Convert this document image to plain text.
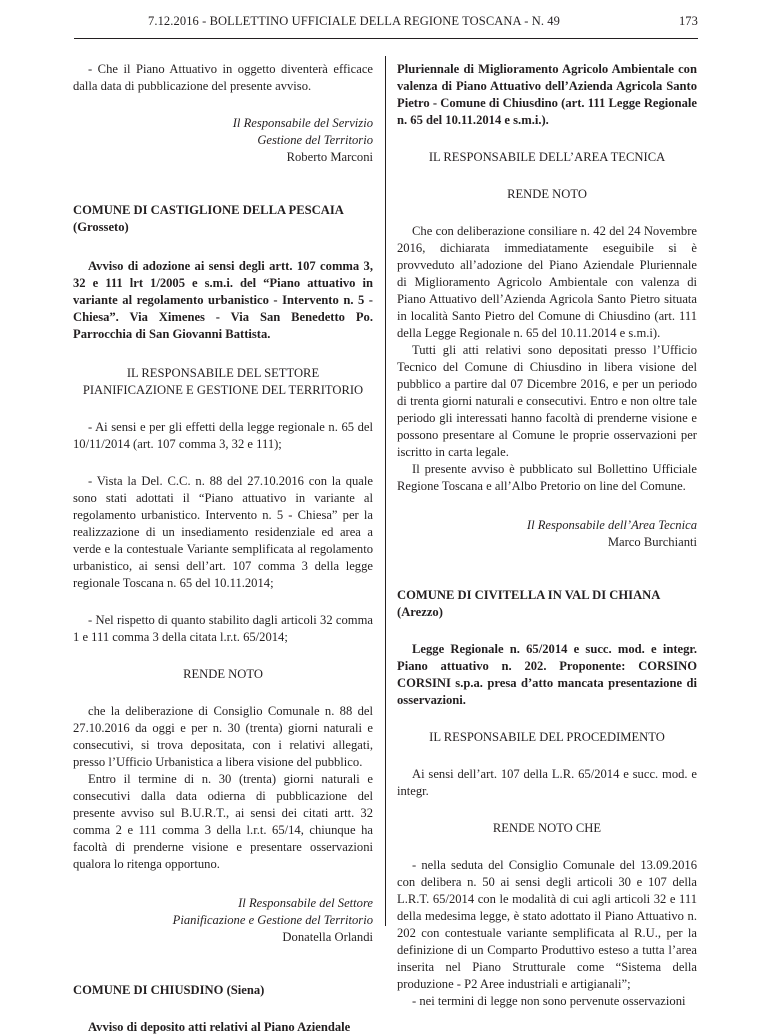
7.12.2016 - BOLLETTINO UFFICIALE DELLA REGIONE TOSCANA - N. 49	173

- Che il Piano Attuativo in oggetto diventerà efficace dalla data di pubblicazione del presente avviso.

Il Responsabile del Servizio

Gestione del Territorio

Roberto Marconi

COMUNE DI CASTIGLIONE DELLA PESCAIA

(Grosseto)

Avviso di adozione ai sensi degli artt. 107 comma 3, 32 e 111 lrt 1/2005 e s.m.i. del “Piano attuativo in variante al regolamento urbanistico - Intervento n. 5 - Chiesa”. Via Ximenes - Via San Benedetto Po. Parrocchia di San Giovanni Battista.

IL RESPONSABILE DEL SETTORE

PIANIFICAZIONE E GESTIONE DEL TERRITORIO

- Ai sensi e per gli effetti della legge regionale n. 65 del 10/11/2014 (art. 107 comma 3, 32 e 111);

- Vista la Del. C.C. n. 88 del 27.10.2016 con la quale sono stati adottati il “Piano attuativo in variante al regolamento urbanistico. Intervento n. 5 - Chiesa” per la realizzazione di un insediamento residenziale ed area a verde e la contestuale Variante semplificata al regolamento urbanistico, ai sensi dell’art. 107 comma 3 della legge regionale Toscana n. 65 del 10.11.2014;

- Nel rispetto di quanto stabilito dagli articoli 32 comma 1 e 111 comma 3 della citata l.r.t. 65/2014;

RENDE NOTO

che la deliberazione di Consiglio Comunale n. 88 del 27.10.2016 da oggi e per n. 30 (trenta) giorni naturali e consecutivi, si trova depositata, con i relativi allegati, presso l’Ufficio Urbanistica a libera visione del pubblico.

Entro il termine di n. 30 (trenta) giorni naturali e consecutivi dalla data odierna di pubblicazione del presente avviso sul B.U.R.T., ai sensi dei citati artt. 32 comma 2 e 111 comma 3 della l.r.t. 65/14, chiunque ha facoltà di prenderne visione e presentare osservazioni qualora lo ritenga opportuno.

Il Responsabile del Settore

Pianificazione e Gestione del Territorio

Donatella Orlandi

COMUNE DI CHIUSDINO (Siena)

Avviso di deposito atti relativi al Piano Aziendale

Pluriennale di Miglioramento Agricolo Ambientale con valenza di Piano Attuativo dell’Azienda Agricola Santo Pietro - Comune di Chiusdino (art. 111 Legge Regionale n. 65 del 10.11.2014 e s.m.i.).

IL RESPONSABILE DELL’AREA TECNICA

RENDE NOTO

Che con deliberazione consiliare n. 42 del 24 Novembre 2016, dichiarata immediatamente eseguibile si è provveduto all’adozione del Piano Aziendale Pluriennale di Miglioramento Agricolo Ambientale con valenza di Piano Attuativo dell’Azienda Agricola Santo Pietro situata in località Santo Pietro del Comune di Chiusdino (art. 111 della Legge Regionale n. 65 del 10.11.2014 e s.m.i).

Tutti gli atti relativi sono depositati presso l’Ufficio Tecnico del Comune di Chiusdino in libera visione del pubblico a partire dal 07 Dicembre 2016, e per un periodo di trenta giorni naturali e consecutivi. Entro e non oltre tale periodo gli interessati hanno facoltà di prenderne visione e possono presentare al Comune le proprie osservazioni per iscritto in carta legale.

Il presente avviso è pubblicato sul Bollettino Ufficiale Regione Toscana e all’Albo Pretorio on line del Comune.

Il Responsabile dell’Area Tecnica

Marco Burchianti

COMUNE DI CIVITELLA IN VAL DI CHIANA

(Arezzo)

Legge Regionale n. 65/2014 e succ. mod. e integr. Piano attuativo n. 202. Proponente: CORSINO CORSINI s.p.a. presa d’atto mancata presentazione di osservazioni.

IL RESPONSABILE DEL PROCEDIMENTO

Ai sensi dell’art. 107 della L.R. 65/2014 e succ. mod. e integr.

RENDE NOTO CHE

- nella seduta del Consiglio Comunale del 13.09.2016 con delibera n. 50 ai sensi degli articoli 30 e 107 della L.R.T. 65/2014 con le modalità di cui agli articoli 32 e 111 della medesima legge, è stato adottato il Piano Attuativo n. 202 con contestuale variante semplificata al R.U., per la definizione di un Comparto Produttivo esteso a tutta l’area inserita nel Piano Strutturale come “Sistema della produzione - P2 Aree industriali e artigianali”;

- nei termini di legge non sono pervenute osservazioni
